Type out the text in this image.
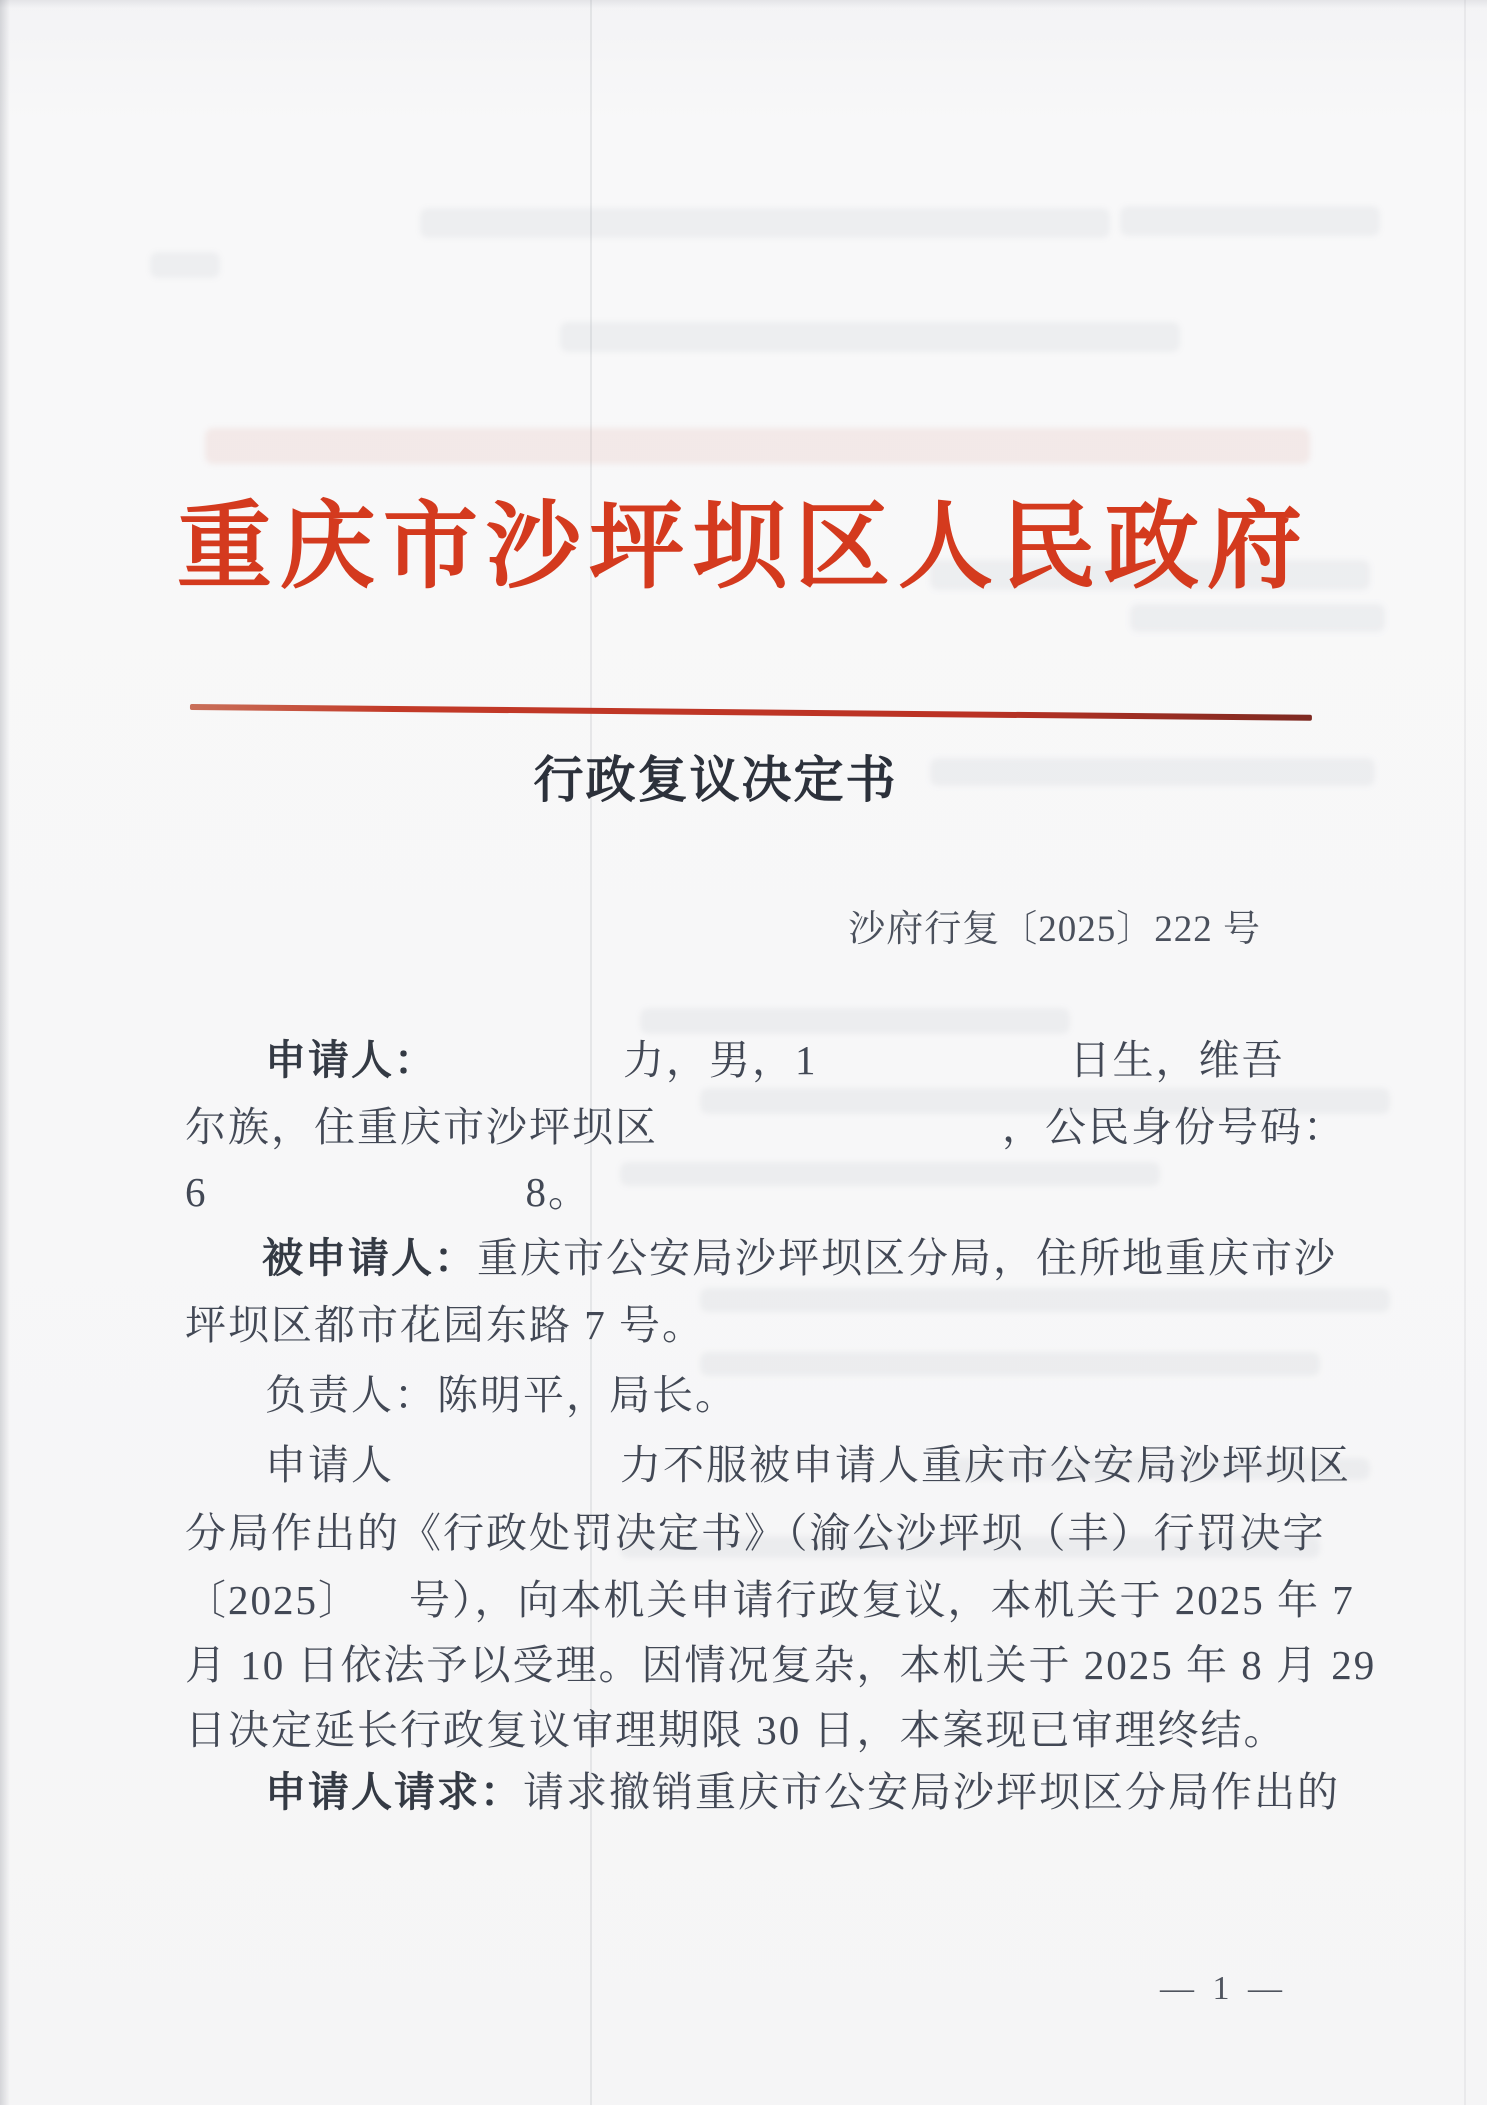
重庆市沙坪坝区人民政府
行政复议决定书
沙府行复〔2025〕222 号
申请人：	力，男，1	日生，维吾
尔族，住重庆市沙坪坝区	，公民身份号码：
6	8。
被申请人：重庆市公安局沙坪坝区分局，住所地重庆市沙
坪坝区都市花园东路 7 号。
负责人：陈明平，局长。
申请人	力不服被申请人重庆市公安局沙坪坝区
分局作出的《行政处罚决定书》（渝公沙坪坝（丰）行罚决字
〔2025〕 号），向本机关申请行政复议，本机关于 2025 年 7
月 10 日依法予以受理。因情况复杂，本机关于 2025 年 8 月 29
日决定延长行政复议审理期限 30 日，本案现已审理终结。
申请人请求：请求撤销重庆市公安局沙坪坝区分局作出的
— 1 —
